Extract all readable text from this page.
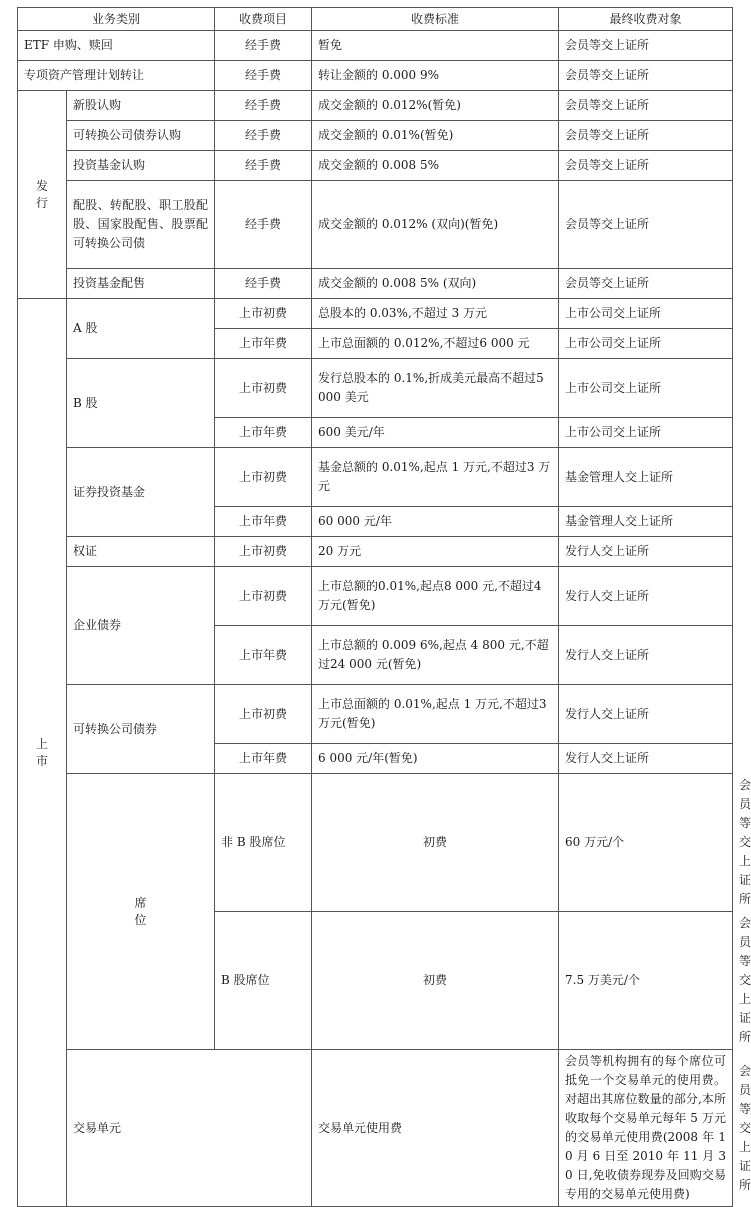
业务类别		收费项目	收费标准	最终收费对象	
ETF 申购、赎回		经手费	暂免	会员等交上证所	
专项资产管理计划转让		经手费	转让金额的 0.000 9%	会员等交上证所	

发
行	新股认购	经手费	成交金额的 0.012%(暂免)	会员等交上证所	
	可转换公司债券认购	经手费	成交金额的 0.01%(暂免)	会员等交上证所	
	投资基金认购	经手费	成交金额的 0.008 5%	会员等交上证所	
	配股、转配股、职工股配股、国家股配售、股票配可转换公司债	经手费	成交金额的 0.012% (双向)(暂免)	会员等交上证所	
	投资基金配售	经手费	成交金额的 0.008 5% (双向)	会员等交上证所	

上
市	A 股	上市初费	总股本的 0.03%,不超过 3 万元	上市公司交上证所	
		上市年费	上市总面额的 0.012%,不超过6 000 元	上市公司交上证所	
	B 股	上市初费	发行总股本的 0.1%,折成美元最高不超过5 000 美元	上市公司交上证所	
		上市年费	600 美元/年	上市公司交上证所	
	证券投资基金	上市初费	基金总额的 0.01%,起点 1 万元,不超过3 万元	基金管理人交上证所	
		上市年费	60 000 元/年	基金管理人交上证所	
	权证	上市初费	20 万元	发行人交上证所	
	企业债券	上市初费	上市总额的0.01%,起点8 000 元,不超过4 万元(暂免)	发行人交上证所	
		上市年费	上市总额的 0.009 6%,起点 4 800 元,不超过24 000 元(暂免)	发行人交上证所	
	可转换公司债券	上市初费	上市总面额的 0.01%,起点 1 万元,不超过3 万元(暂免)	发行人交上证所	
		上市年费	6 000 元/年(暂免)	发行人交上证所	

	席
位	非 B 股席位	初费	60 万元/个	会员等交上证所
		B 股席位	初费	7.5 万美元/个	会员等交上证所
	交易单元		交易单元使用费	会员等机构拥有的每个席位可抵免一个交易单元的使用费。对超出其席位数量的部分,本所收取每个交易单元每年 5 万元的交易单元使用费(2008 年 10 月 6 日至 2010 年 11 月 30 日,免收债券现券及回购交易专用的交易单元使用费)	会员等交上证所
